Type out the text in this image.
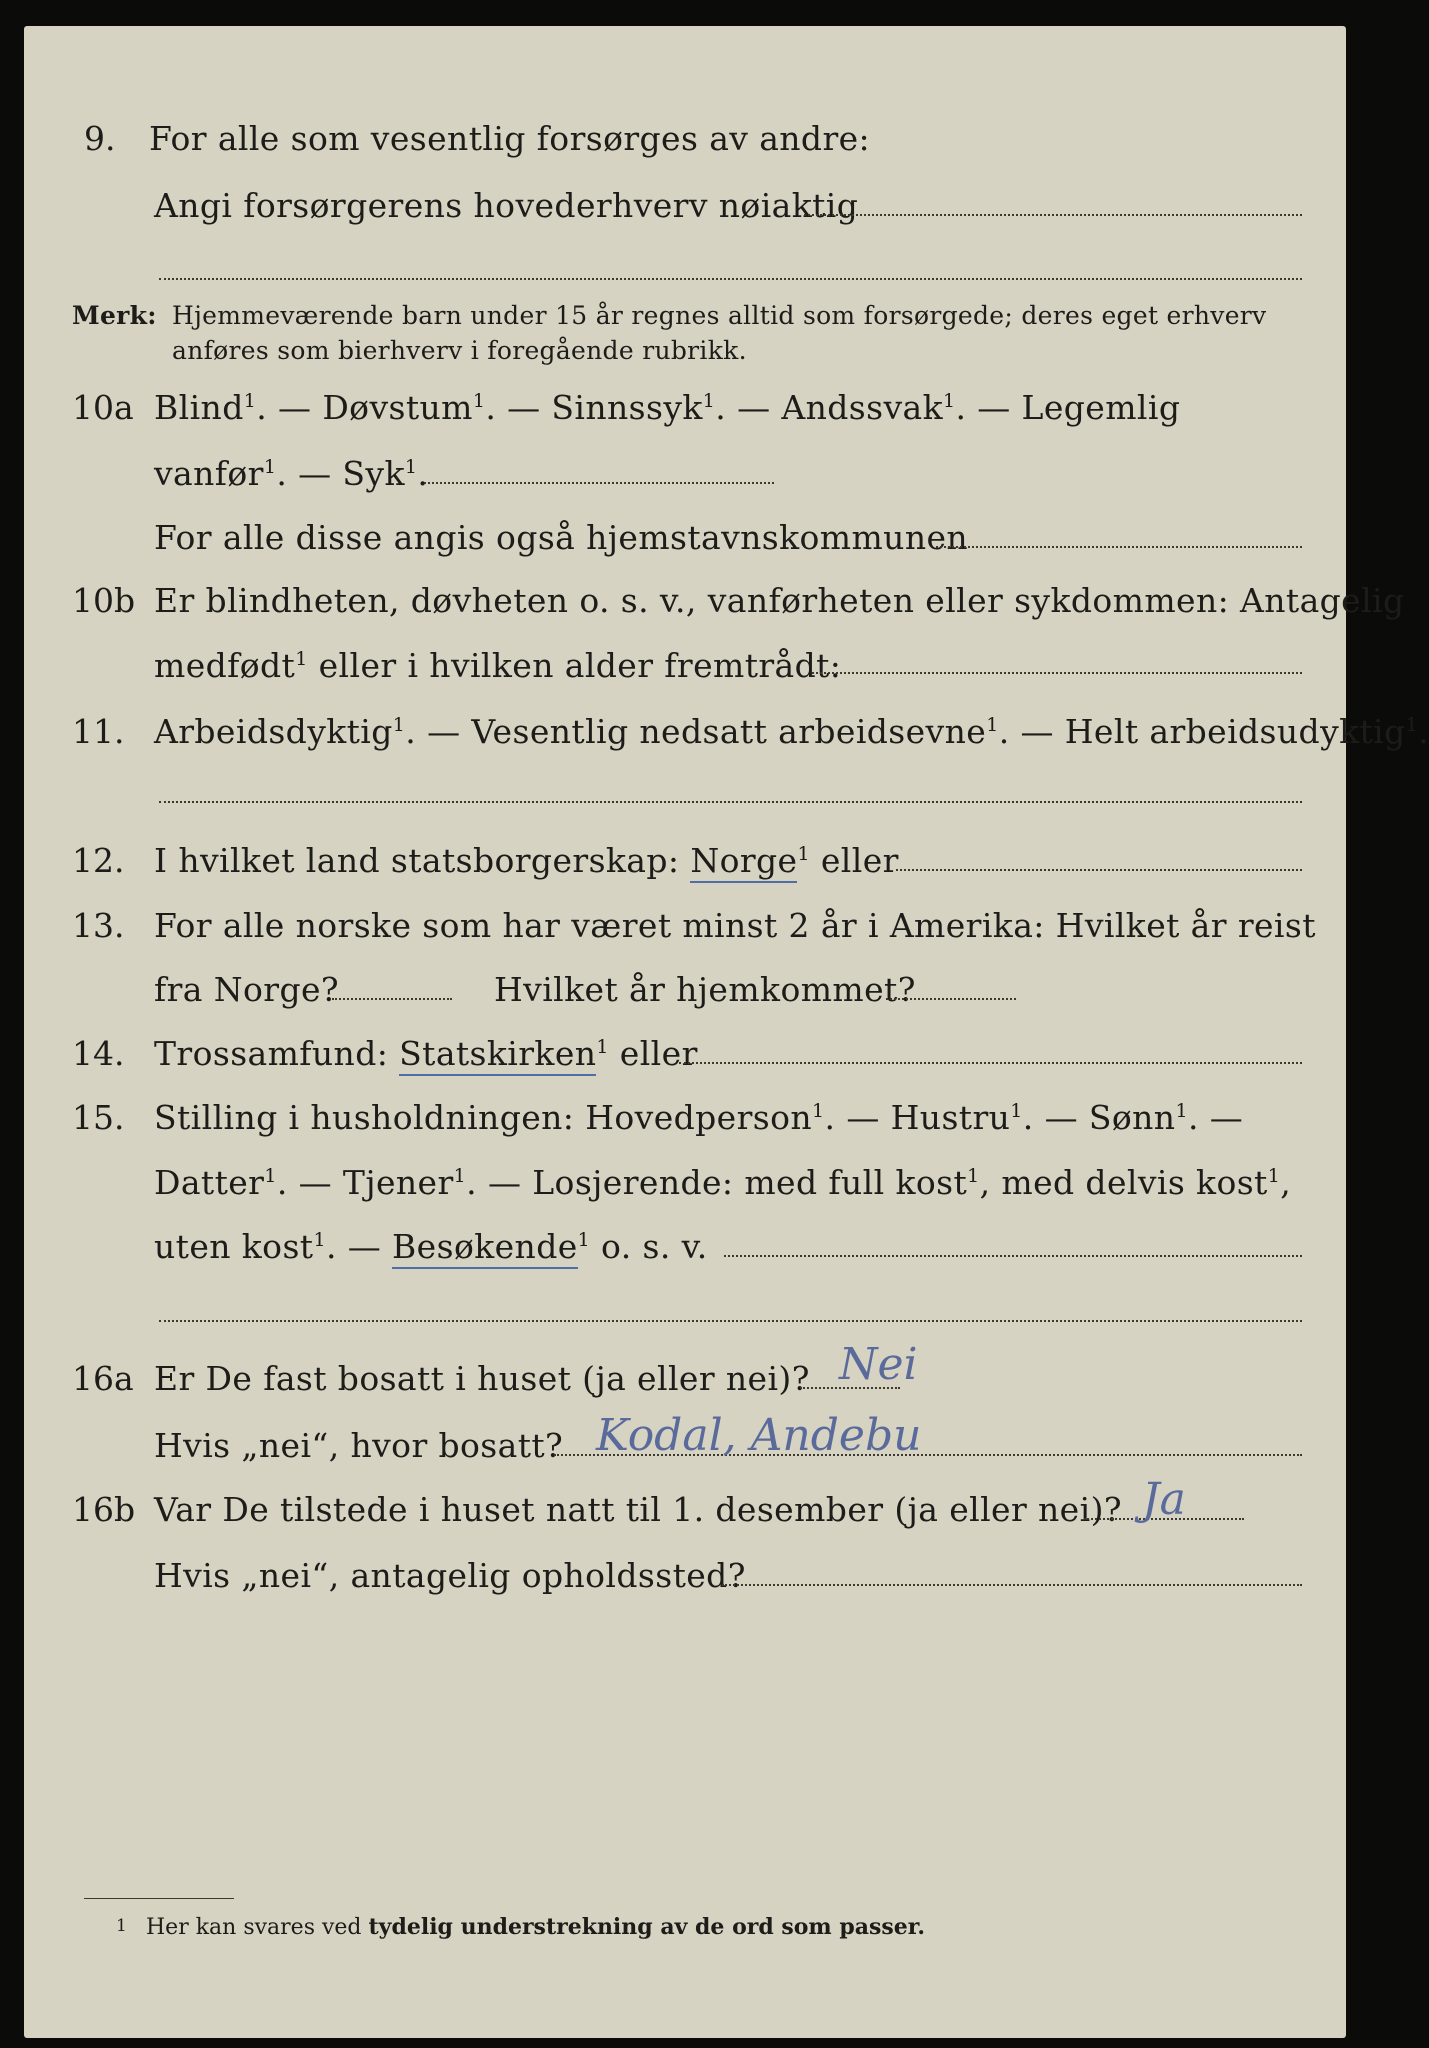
9. For alle som vesentlig forsørges av andre:
Angi forsørgerens hovederhverv nøiaktig
Merk: Hjemmeværende barn under 15 år regnes alltid som forsørgede; deres eget erhverv
anføres som bierhverv i foregående rubrikk.
10a Blind$^1$. — Døvstum$^1$. — Sinnssyk$^1$. — Andssvak$^1$. — Legemlig
vanfør$^1$. — Syk$^1$.
For alle disse angis også hjemstavnskommunen
10b Er blindheten, døvheten o. s. v., vanførheten eller sykdommen: Antagelig
medfødt$^1$ eller i hvilken alder fremtrådt:
11. Arbeidsdyktig$^1$. — Vesentlig nedsatt arbeidsevne$^1$. — Helt arbeidsudyktig$^1$.
12. I hvilket land statsborgerskap: Norge$^1$ eller
13. For alle norske som har været minst 2 år i Amerika: Hvilket år reist
fra Norge?	Hvilket år hjemkommet?
14. Trossamfund: Statskirken$^1$ eller
15. Stilling i husholdningen: Hovedperson$^1$. — Hustru$^1$. — Sønn$^1$. —
Datter$^1$. — Tjener$^1$. — Losjerende: med full kost$^1$, med delvis kost$^1$,
uten kost$^1$. — Besøkende$^1$ o. s. v.
16a Er De fast bosatt i huset (ja eller nei)? Nei
Hvis „nei“, hvor bosatt? Kodal, Andebu
16b Var De tilstede i huset natt til 1. desember (ja eller nei)? Ja
Hvis „nei“, antagelig opholdssted?
1 Her kan svares ved tydelig understrekning av de ord som passer.
